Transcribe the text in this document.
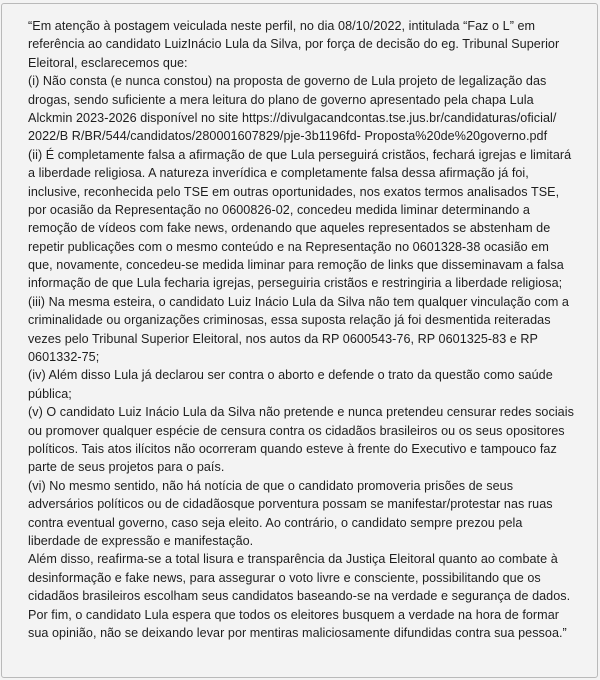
“Em atenção à postagem veiculada neste perfil, no dia 08/10/2022, intitulada “Faz o L” em
referência ao candidato LuizInácio Lula da Silva, por força de decisão do eg. Tribunal Superior
Eleitoral, esclarecemos que:
(i) Não consta (e nunca constou) na proposta de governo de Lula projeto de legalização das
drogas, sendo suficiente a mera leitura do plano de governo apresentado pela chapa Lula
Alckmin 2023-2026 disponível no site https://divulgacandcontas.tse.jus.br/candidaturas/oficial/
2022/B R/BR/544/candidatos/280001607829/pje-3b1196fd- Proposta%20de%20governo.pdf
(ii) É completamente falsa a afirmação de que Lula perseguirá cristãos, fechará igrejas e limitará
a liberdade religiosa. A natureza inverídica e completamente falsa dessa afirmação já foi,
inclusive, reconhecida pelo TSE em outras oportunidades, nos exatos termos analisados TSE,
por ocasião da Representação no 0600826-02, concedeu medida liminar determinando a
remoção de vídeos com fake news, ordenando que aqueles representados se abstenham de
repetir publicações com o mesmo conteúdo e na Representação no 0601328-38 ocasião em
que, novamente, concedeu-se medida liminar para remoção de links que disseminavam a falsa
informação de que Lula fecharia igrejas, perseguiria cristãos e restringiria a liberdade religiosa;
(iii) Na mesma esteira, o candidato Luiz Inácio Lula da Silva não tem qualquer vinculação com a
criminalidade ou organizações criminosas, essa suposta relação já foi desmentida reiteradas
vezes pelo Tribunal Superior Eleitoral, nos autos da RP 0600543-76, RP 0601325-83 e RP
0601332-75;
(iv) Além disso Lula já declarou ser contra o aborto e defende o trato da questão como saúde
pública;
(v) O candidato Luiz Inácio Lula da Silva não pretende e nunca pretendeu censurar redes sociais
ou promover qualquer espécie de censura contra os cidadãos brasileiros ou os seus opositores
políticos. Tais atos ilícitos não ocorreram quando esteve à frente do Executivo e tampouco faz
parte de seus projetos para o país.
(vi) No mesmo sentido, não há notícia de que o candidato promoveria prisões de seus
adversários políticos ou de cidadãosque porventura possam se manifestar/protestar nas ruas
contra eventual governo, caso seja eleito. Ao contrário, o candidato sempre prezou pela
liberdade de expressão e manifestação.
Além disso, reafirma-se a total lisura e transparência da Justiça Eleitoral quanto ao combate à
desinformação e fake news, para assegurar o voto livre e consciente, possibilitando que os
cidadãos brasileiros escolham seus candidatos baseando-se na verdade e segurança de dados.
Por fim, o candidato Lula espera que todos os eleitores busquem a verdade na hora de formar
sua opinião, não se deixando levar por mentiras maliciosamente difundidas contra sua pessoa.”
